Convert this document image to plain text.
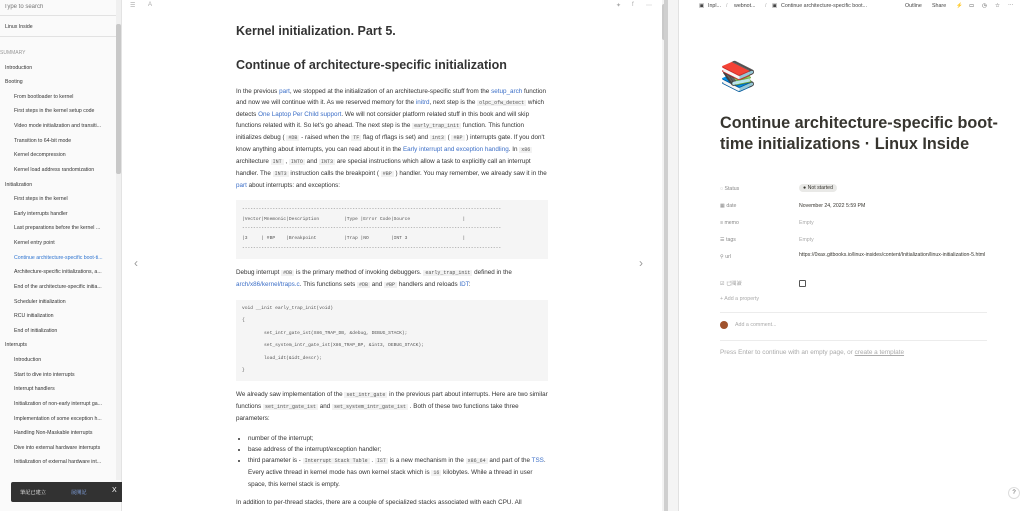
Type to search
Linux Inside
SUMMARY
Introduction
Booting
From bootloader to kernel
First steps in the kernel setup code
Video mode initialization and transiti...
Transition to 64-bit mode
Kernel decompression
Kernel load address randomization
Initialization
First steps in the kernel
Early interrupts handler
Last preparations before the kernel ...
Kernel entry point
Continue architecture-specific boot-ti...
Architecture-specific initializations, a...
End of the architecture-specific initia...
Scheduler initialization
RCU initialization
End of initialization
Interrupts
Introduction
Start to dive into interrupts
Interrupt handlers
Initialization of non-early interrupt ga...
Implementation of some exception h...
Handling Non-Maskable interrupts
Dive into external hardware interrupts
Initialization of external hardware int...
筆記已建立	展開記	X
☰ A	✦ f ⋯
‹	›
Kernel initialization. Part 5.
Continue of architecture-specific initialization

In the previous part, we stopped at the initialization of an architecture-specific stuff from the setup_arch function and now we will continue with it. As we reserved memory for the initrd, next step is the olpc_ofw_detect which detects One Laptop Per Child support. We will not consider platform related stuff in this book and will skip functions related with it. So let's go ahead. The next step is the early_trap_init function. This function initializes debug ( #DB - raised when the TF flag of rflags is set) and int3 ( #BP ) interrupts gate. If you don't know anything about interrupts, you can read about it in the Early interrupt and exception handling. In x86 architecture INT , INTO and INT3 are special instructions which allow a task to explicitly call an interrupt handler. The INT3 instruction calls the breakpoint ( #BP ) handler. You may remember, we already saw it in the part about interrupts: and exceptions:

----------------------------------------------------------------------------------------------
|Vector|Mnemonic|Description         |Type |Error Code|Source                   |
----------------------------------------------------------------------------------------------
|3     | #BP    |Breakpoint          |Trap |NO        |INT 3                    |
----------------------------------------------------------------------------------------------

Debug interrupt #DB is the primary method of invoking debuggers. early_trap_init defined in the arch/x86/kernel/traps.c. This functions sets #DB and #BP handlers and reloads IDT:

void __init early_trap_init(void)
{
set_intr_gate_ist(X86_TRAP_DB, &debug, DEBUG_STACK);
set_system_intr_gate_ist(X86_TRAP_BP, &int3, DEBUG_STACK);
load_idt(&idt_descr);
}

We already saw implementation of the set_intr_gate in the previous part about interrupts. Here are two similar functions set_intr_gate_ist and set_system_intr_gate_ist . Both of these two functions take three parameters:

• number of the interrupt;
• base address of the interrupt/exception handler;
• third parameter is - Interrupt Stack Table . IST is a new mechanism in the x86_64 and part of the TSS. Every active thread in kernel mode has own kernel stack which is 16 kilobytes. While a thread in user space, this kernel stack is empty.

In addition to per-thread stacks, there are a couple of specialized stacks associated with each CPU. All

▣ Inpl... / webnot... / ▣ Continue architecture-specific boot...	Outline Share ⚡ ▭ ◷ ☆ ⋯
📚
Continue architecture-specific boot-time initializations · Linux Inside
◌ Status	● Not started
▦ date	November 24, 2022 5:59 PM
≡ memo	Empty
☰ tags	Empty
⚲ url	https://0xax.gitbooks.io/linux-insides/content/Initialization/linux-initialization-5.html
☑ 已閱讀
+ Add a property
Add a comment...
Press Enter to continue with an empty page, or create a template
?
